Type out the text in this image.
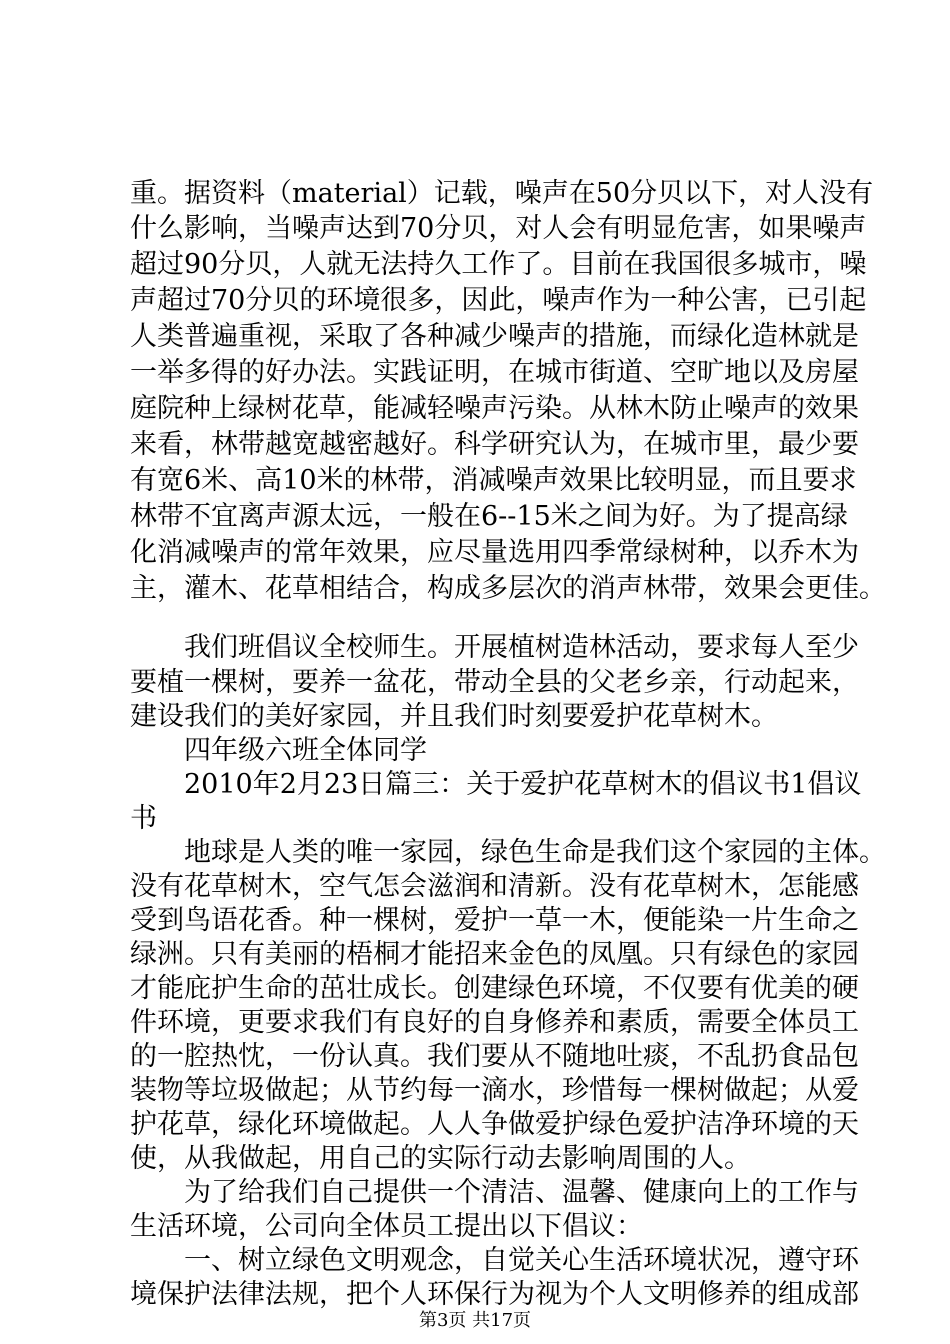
重。据资料（material）记载，噪声在50分贝以下，对人没有
什么影响，当噪声达到70分贝，对人会有明显危害，如果噪声
超过90分贝，人就无法持久工作了。目前在我国很多城市，噪
声超过70分贝的环境很多，因此，噪声作为一种公害，已引起
人类普遍重视，采取了各种减少噪声的措施，而绿化造林就是
一举多得的好办法。实践证明，在城市街道、空旷地以及房屋
庭院种上绿树花草，能减轻噪声污染。从林木防止噪声的效果
来看，林带越宽越密越好。科学研究认为，在城市里，最少要
有宽6米、高10米的林带，消减噪声效果比较明显，而且要求
林带不宜离声源太远，一般在6--15米之间为好。为了提高绿
化消减噪声的常年效果，应尽量选用四季常绿树种，以乔木为
主，灌木、花草相结合，构成多层次的消声林带，效果会更佳。
我们班倡议全校师生。开展植树造林活动，要求每人至少
要植一棵树，要养一盆花，带动全县的父老乡亲，行动起来，
建设我们的美好家园，并且我们时刻要爱护花草树木。
四年级六班全体同学
2010年2月23日篇三：关于爱护花草树木的倡议书1倡议
书
地球是人类的唯一家园，绿色生命是我们这个家园的主体。
没有花草树木，空气怎会滋润和清新。没有花草树木，怎能感
受到鸟语花香。种一棵树，爱护一草一木，便能染一片生命之
绿洲。只有美丽的梧桐才能招来金色的凤凰。只有绿色的家园
才能庇护生命的茁壮成长。创建绿色环境，不仅要有优美的硬
件环境，更要求我们有良好的自身修养和素质，需要全体员工
的一腔热忱，一份认真。我们要从不随地吐痰，不乱扔食品包
装物等垃圾做起；从节约每一滴水，珍惜每一棵树做起；从爱
护花草，绿化环境做起。人人争做爱护绿色爱护洁净环境的天
使，从我做起，用自己的实际行动去影响周围的人。
为了给我们自己提供一个清洁、温馨、健康向上的工作与
生活环境，公司向全体员工提出以下倡议：
一、树立绿色文明观念，自觉关心生活环境状况，遵守环
境保护法律法规，把个人环保行为视为个人文明修养的组成部
第3页 共17页
